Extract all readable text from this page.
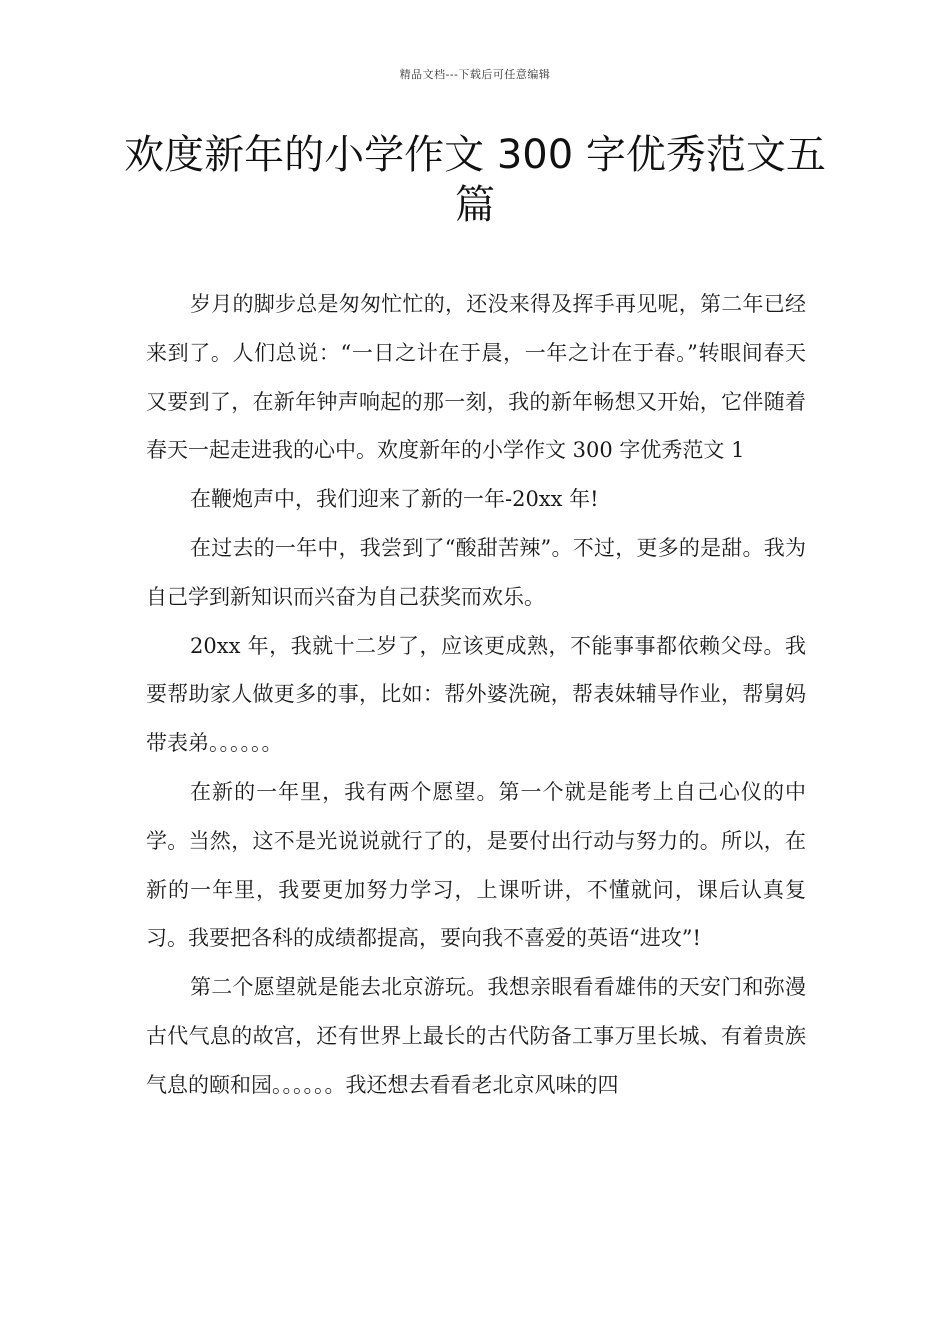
精品文档---下载后可任意编辑
欢度新年的小学作文 300 字优秀范文五篇

岁月的脚步总是匆匆忙忙的，还没来得及挥手再见呢，第二年已经来到了。人们总说：“一日之计在于晨，一年之计在于春。”转眼间春天又要到了，在新年钟声响起的那一刻，我的新年畅想又开始，它伴随着春天一起走进我的心中。欢度新年的小学作文 300 字优秀范文 1

在鞭炮声中，我们迎来了新的一年-20xx 年!

在过去的一年中，我尝到了“酸甜苦辣”。不过，更多的是甜。我为自己学到新知识而兴奋为自己获奖而欢乐。

20xx 年，我就十二岁了，应该更成熟，不能事事都依赖父母。我要帮助家人做更多的事，比如：帮外婆洗碗，帮表妹辅导作业，帮舅妈带表弟。。。。。。

在新的一年里，我有两个愿望。第一个就是能考上自己心仪的中学。当然，这不是光说说就行了的，是要付出行动与努力的。所以，在新的一年里，我要更加努力学习，上课听讲，不懂就问，课后认真复习。我要把各科的成绩都提高，要向我不喜爱的英语“进攻”!

第二个愿望就是能去北京游玩。我想亲眼看看雄伟的天安门和弥漫古代气息的故宫，还有世界上最长的古代防备工事万里长城、有着贵族气息的颐和园。。。。。。我还想去看看老北京风味的四
